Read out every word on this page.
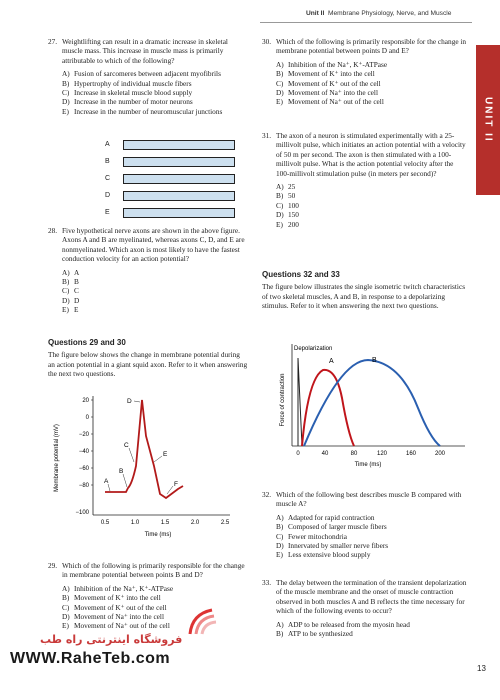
Unit II Membrane Physiology, Nerve, and Muscle
UNIT II
27. Weightlifting can result in a dramatic increase in skeletal muscle mass. This increase in muscle mass is primarily attributable to which of the following?
A) Fusion of sarcomeres between adjacent myofibrils
B) Hypertrophy of individual muscle fibers
C) Increase in skeletal muscle blood supply
D) Increase in the number of motor neurons
E) Increase in the number of neuromuscular junctions
A
B
C
D
E
28. Five hypothetical nerve axons are shown in the above figure. Axons A and B are myelinated, whereas axons C, D, and E are nonmyelinated. Which axon is most likely to have the fastest conduction velocity for an action potential?
A) A
B) B
C) C
D) D
E) E
Questions 29 and 30

The figure below shows the change in membrane potential during an action potential in a giant squid axon. Refer to it when answering the next two questions.

Membrane potential (mV)
20
0
−20
−40
−60
−80
−100
0.5	1.0	1.5	2.0	2.5
Time (ms)
A
B
C
D
E
F
29. Which of the following is primarily responsible for the change in membrane potential between points B and D?
A) Inhibition of the Na⁺, K⁺-ATPase
B) Movement of K⁺ into the cell
C) Movement of K⁺ out of the cell
D) Movement of Na⁺ into the cell
E) Movement of Na⁺ out of the cell
30. Which of the following is primarily responsible for the change in membrane potential between points D and E?
A) Inhibition of the Na⁺, K⁺-ATPase
B) Movement of K⁺ into the cell
C) Movement of K⁺ out of the cell
D) Movement of Na⁺ into the cell
E) Movement of Na⁺ out of the cell
31. The axon of a neuron is stimulated experimentally with a 25-millivolt pulse, which initiates an action potential with a velocity of 50 m per second. The axon is then stimulated with a 100-millivolt pulse. What is the action potential velocity after the 100-millivolt stimulation pulse (in meters per second)?
A) 25
B) 50
C) 100
D) 150
E) 200
Questions 32 and 33

The figure below illustrates the single isometric twitch characteristics of two skeletal muscles, A and B, in response to a depolarizing stimulus. Refer to it when answering the next two questions.

Force of contraction
Depolarization
A	B
0	40	80	120	160	200
Time (ms)
32. Which of the following best describes muscle B compared with muscle A?
A) Adapted for rapid contraction
B) Composed of larger muscle fibers
C) Fewer mitochondria
D) Innervated by smaller nerve fibers
E) Less extensive blood supply
33. The delay between the termination of the transient depolarization of the muscle membrane and the onset of muscle contraction observed in both muscles A and B reflects the time necessary for which of the following events to occur?
A) ADP to be released from the myosin head
B) ATP to be synthesized
فروشگاه اینترنتی راه طب
WWW.RaheTeb.com
13
